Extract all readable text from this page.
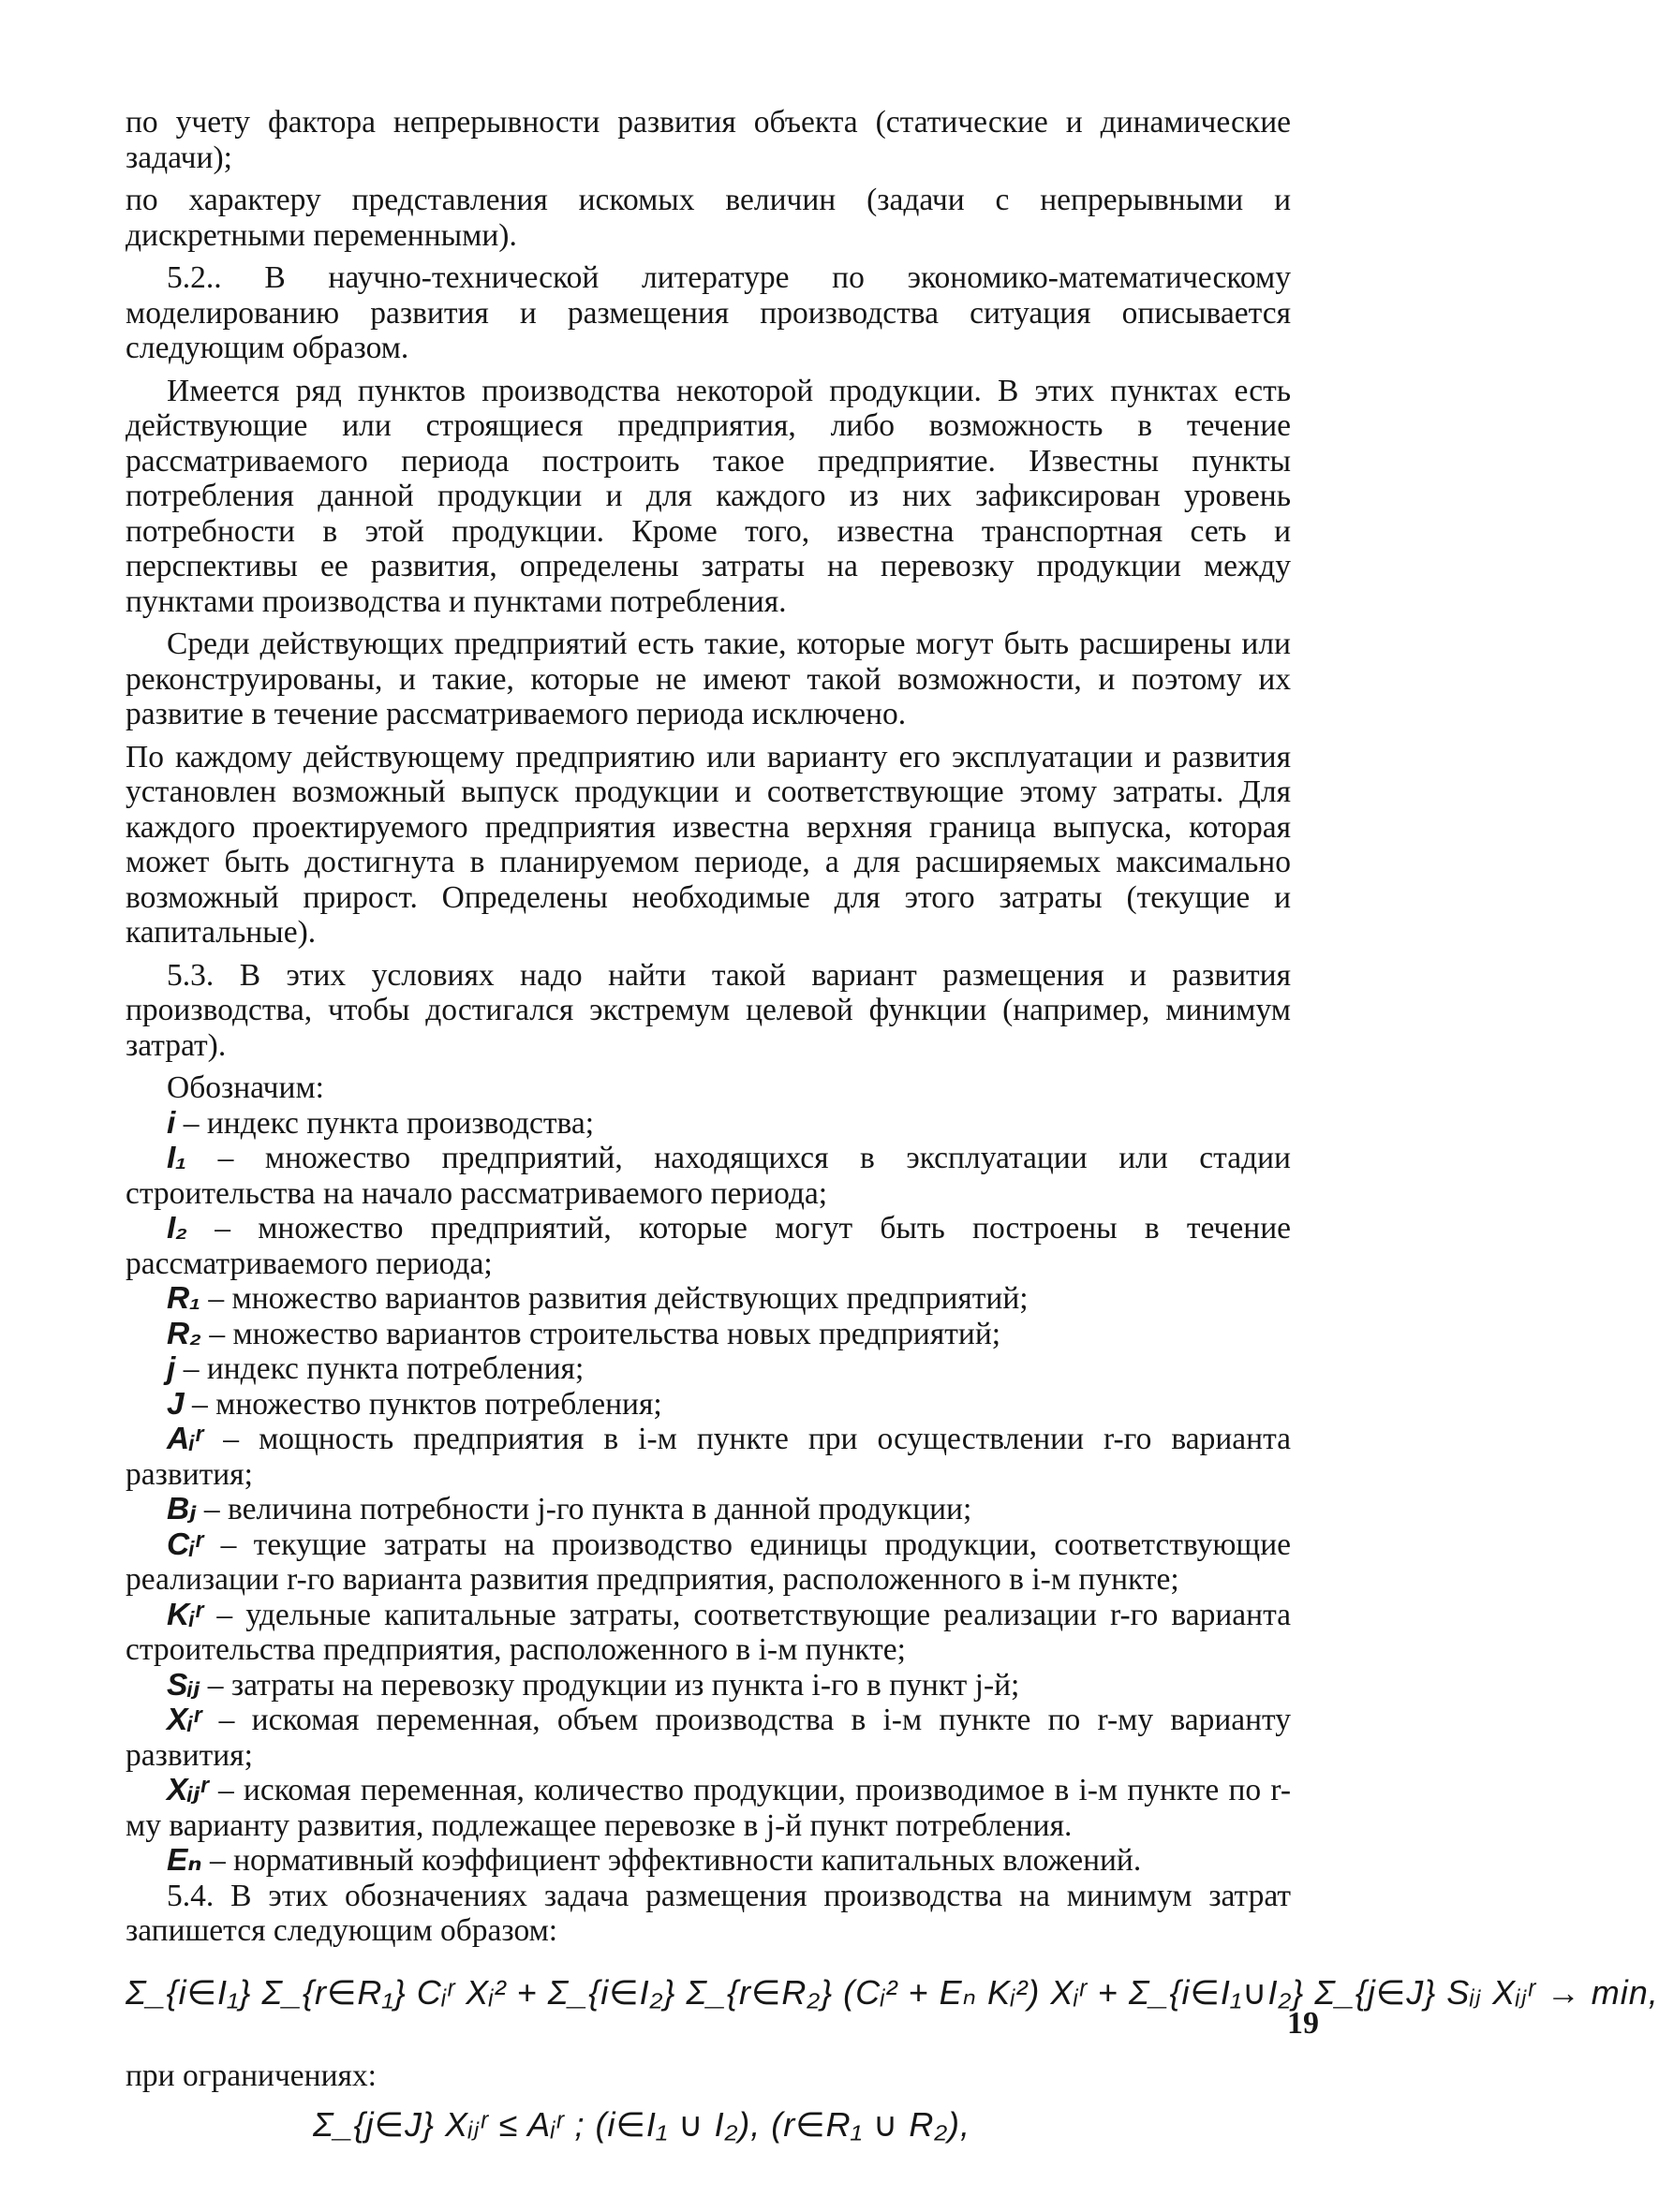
по учету фактора непрерывности развития объекта (статические и динамические задачи);

по характеру представления искомых величин (задачи с непрерывными и дискретными переменными).

5.2.. В научно-технической литературе по экономико-математическому моделированию развития и размещения производства ситуация описывается следующим образом.

Имеется ряд пунктов производства некоторой продукции. В этих пунктах есть действующие или строящиеся предприятия, либо возможность в течение рассматриваемого периода построить такое предприятие. Известны пункты потребления данной продукции и для каждого из них зафиксирован уровень потребности в этой продукции. Кроме того, известна транспортная сеть и перспективы ее развития, определены затраты на перевозку продукции между пунктами производства и пунктами потребления.

Среди действующих предприятий есть такие, которые могут быть расширены или реконструированы, и такие, которые не имеют такой возможности, и поэтому их развитие в течение рассматриваемого периода исключено.

По каждому действующему предприятию или варианту его эксплуатации и развития установлен возможный выпуск продукции и соответствующие этому затраты. Для каждого проектируемого предприятия известна верхняя граница выпуска, которая может быть достигнута в планируемом периоде, а для расширяемых максимально возможный прирост. Определены необходимые для этого затраты (текущие и капитальные).

5.3. В этих условиях надо найти такой вариант размещения и развития производства, чтобы достигался экстремум целевой функции (например, минимум затрат).

Обозначим:

i – индекс пункта производства;

I₁ – множество предприятий, находящихся в эксплуатации или стадии строительства на начало рассматриваемого периода;

I₂ – множество предприятий, которые могут быть построены в течение рассматриваемого периода;

R₁ – множество вариантов развития действующих предприятий;

R₂ – множество вариантов строительства новых предприятий;

j – индекс пункта потребления;

J – множество пунктов потребления;

Aᵢʳ – мощность предприятия в i-м пункте при осуществлении r-го варианта развития;

Bⱼ – величина потребности j-го пункта в данной продукции;

Cᵢʳ – текущие затраты на производство единицы продукции, соответствующие реализации r-го варианта развития предприятия, расположенного в i-м пункте;

Kᵢʳ – удельные капитальные затраты, соответствующие реализации r-го варианта строительства предприятия, расположенного в i-м пункте;

Sᵢⱼ – затраты на перевозку продукции из пункта i-го в пункт j-й;

Xᵢʳ – искомая переменная, объем производства в i-м пункте по r-му варианту развития;

Xᵢⱼʳ – искомая переменная, количество продукции, производимое в i-м пункте по r-му варианту развития, подлежащее перевозке в j-й пункт потребления.

Eₙ – нормативный коэффициент эффективности капитальных вложений.

5.4. В этих обозначениях задача размещения производства на минимум затрат запишется следующим образом:

Σ_{i∈I₁} Σ_{r∈R₁} Cᵢʳ Xᵢ² + Σ_{i∈I₂} Σ_{r∈R₂} (Cᵢ² + Eₙ Kᵢ²) Xᵢʳ + Σ_{i∈I₁∪I₂} Σ_{j∈J} Sᵢⱼ Xᵢⱼʳ → min,

при ограничениях:

Σ_{j∈J} Xᵢⱼʳ ≤ Aᵢʳ ; (i∈I₁ ∪ I₂), (r∈R₁ ∪ R₂),
19
